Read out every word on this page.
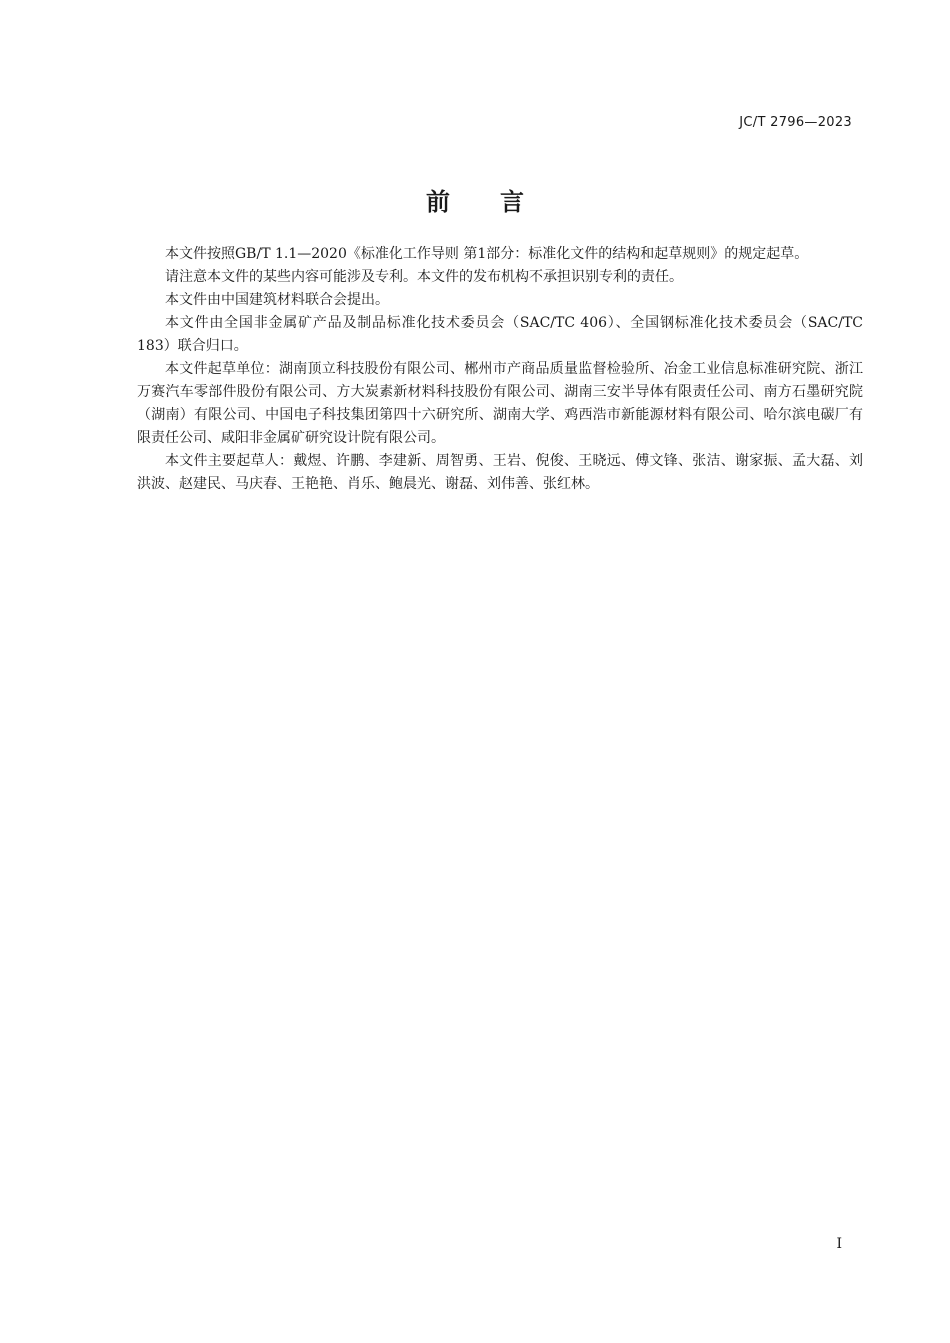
JC/T 2796—2023
前言

本文件按照GB/T 1.1—2020《标准化工作导则 第1部分：标准化文件的结构和起草规则》的规定起草。

请注意本文件的某些内容可能涉及专利。本文件的发布机构不承担识别专利的责任。

本文件由中国建筑材料联合会提出。

本文件由全国非金属矿产品及制品标准化技术委员会（SAC/TC 406）、全国钢标准化技术委员会（SAC/TC 183）联合归口。

本文件起草单位：湖南顶立科技股份有限公司、郴州市产商品质量监督检验所、冶金工业信息标准研究院、浙江万赛汽车零部件股份有限公司、方大炭素新材料科技股份有限公司、湖南三安半导体有限责任公司、南方石墨研究院（湖南）有限公司、中国电子科技集团第四十六研究所、湖南大学、鸡西浩市新能源材料有限公司、哈尔滨电碳厂有限责任公司、咸阳非金属矿研究设计院有限公司。

本文件主要起草人：戴煜、许鹏、李建新、周智勇、王岩、倪俊、王晓远、傅文锋、张洁、谢家振、孟大磊、刘洪波、赵建民、马庆春、王艳艳、肖乐、鲍晨光、谢磊、刘伟善、张红林。

I
